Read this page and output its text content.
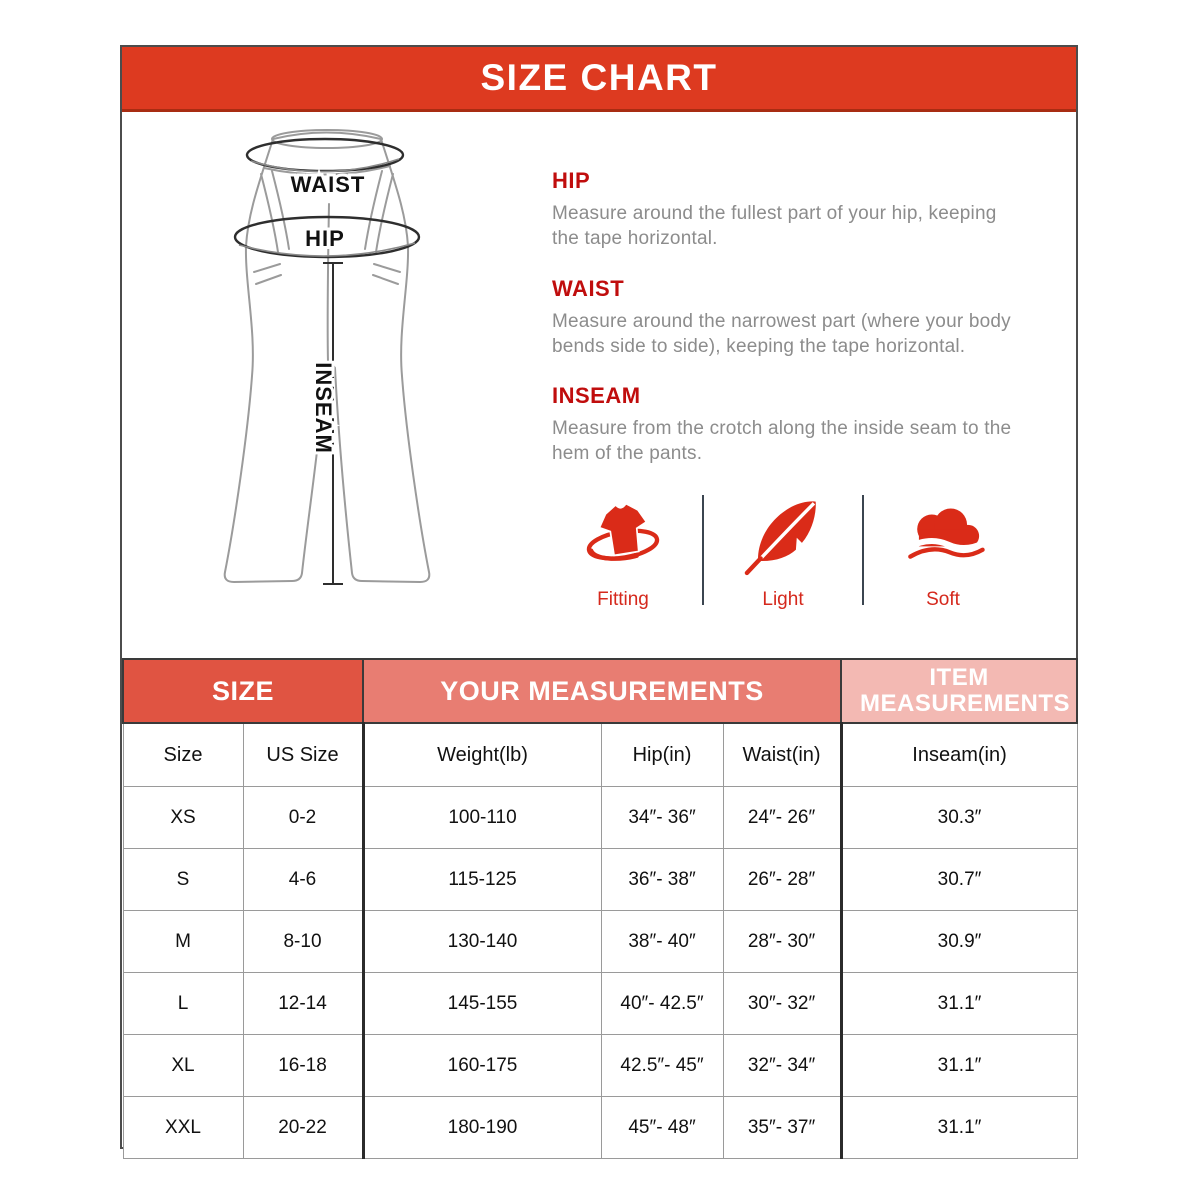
SIZE CHART
WAIST
HIP
INSEAM
HIP

Measure around the fullest part of your hip, keeping the tape horizontal.

WAIST

Measure around the narrowest part (where your body bends side to side), keeping the tape horizontal.

INSEAM

Measure from the crotch along the inside seam to the hem of the pants.

Fitting	Light	Soft
SIZE		YOUR MEASUREMENTS			ITEM MEASUREMENTS
Size	US Size	Weight(lb)	Hip(in)	Waist(in)	Inseam(in)
XS	0-2	100-110	34″- 36″	24″- 26″	30.3″
S	4-6	115-125	36″- 38″	26″- 28″	30.7″
M	8-10	130-140	38″- 40″	28″- 30″	30.9″
L	12-14	145-155	40″- 42.5″	30″- 32″	31.1″
XL	16-18	160-175	42.5″- 45″	32″- 34″	31.1″
XXL	20-22	180-190	45″- 48″	35″- 37″	31.1″
